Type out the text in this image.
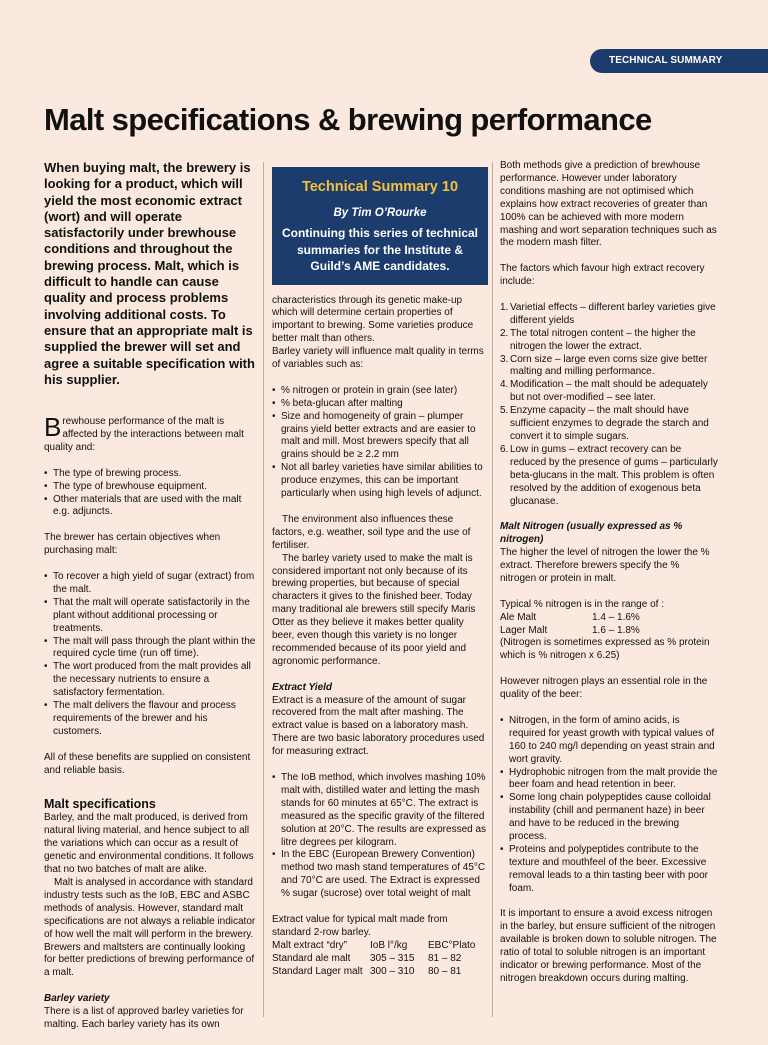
TECHNICAL SUMMARY
Malt specifications & brewing performance

When buying malt, the brewery is looking for a product, which will yield the most economic extract (wort) and will operate satisfactorily under brewhouse conditions and throughout the brewing process. Malt, which is difficult to handle can cause quality and process problems involving additional costs. To ensure that an appropriate malt is supplied the brewer will set and agree a suitable specification with his supplier.

Brewhouse performance of the malt is affected by the interactions between malt quality and:

• The type of brewing process.
• The type of brewhouse equipment.
• Other materials that are used with the malt e.g. adjuncts.

The brewer has certain objectives when purchasing malt:

• To recover a high yield of sugar (extract) from the malt.
• That the malt will operate satisfactorily in the plant without additional processing or treatments.
• The malt will pass through the plant within the required cycle time (run off time).
• The wort produced from the malt provides all the necessary nutrients to ensure a satisfactory fermentation.
• The malt delivers the flavour and process requirements of the brewer and his customers.

All of these benefits are supplied on consistent and reliable basis.

Malt specifications

Barley, and the malt produced, is derived from natural living material, and hence subject to all the variations which can occur as a result of genetic and environmental conditions. It follows that no two batches of malt are alike.

Malt is analysed in accordance with standard industry tests such as the IoB, EBC and ASBC methods of analysis. However, standard malt specifications are not always a reliable indicator of how well the malt will perform in the brewery. Brewers and maltsters are continually looking for better predictions of brewing performance of a malt.

Barley variety

There is a list of approved barley varieties for malting. Each barley variety has its own

Technical Summary 10

By Tim O’Rourke

Continuing this series of technical summaries for the Institute & Guild’s AME candidates.

characteristics through its genetic make-up which will determine certain properties of important to brewing. Some varieties produce better malt than others.

Barley variety will influence malt quality in terms of variables such as:

• % nitrogen or protein in grain (see later)
• % beta-glucan after malting
• Size and homogeneity of grain – plumper grains yield better extracts and are easier to malt and mill. Most brewers specify that all grains should be ≥ 2.2 mm
• Not all barley varieties have similar abilities to produce enzymes, this can be important particularly when using high levels of adjunct.

The environment also influences these factors, e.g. weather, soil type and the use of fertiliser.

The barley variety used to make the malt is considered important not only because of its brewing properties, but because of special characters it gives to the finished beer. Today many traditional ale brewers still specify Maris Otter as they believe it makes better quality beer, even though this variety is no longer recommended because of its poor yield and agronomic performance.

Extract Yield

Extract is a measure of the amount of sugar recovered from the malt after mashing. The extract value is based on a laboratory mash. There are two basic laboratory procedures used for measuring extract.

• The IoB method, which involves mashing 10% malt with, distilled water and letting the mash stands for 60 minutes at 65°C. The extract is measured as the specific gravity of the filtered solution at 20°C. The results are expressed as litre degrees per kilogram.
• In the EBC (European Brewery Convention) method two mash stand temperatures of 45°C and 70°C are used. The Extract is expressed % sugar (sucrose) over total weight of malt

Extract value for typical malt made from standard 2-row barley.

Malt extract “dry”	IoB l°/kg	EBC°Plato
Standard ale malt	305 – 315	81 – 82
Standard Lager malt	300 – 310	80 – 81

Both methods give a prediction of brewhouse performance. However under laboratory conditions mashing are not optimised which explains how extract recoveries of greater than 100% can be achieved with more modern mashing and wort separation techniques such as the modern mash filter.

The factors which favour high extract recovery include:

1. Varietial effects – different barley varieties give different yields
2. The total nitrogen content – the higher the nitrogen the lower the extract.
3. Corn size – large even corns size give better malting and milling performance.
4. Modification – the malt should be adequately but not over-modified – see later.
5. Enzyme capacity – the malt should have sufficient enzymes to degrade the starch and convert it to simple sugars.
6. Low in gums – extract recovery can be reduced by the presence of gums – particularly beta-glucans in the malt. This problem is often resolved by the addition of exogenous beta glucanase.

Malt Nitrogen (usually expressed as % nitrogen)

The higher the level of nitrogen the lower the % extract. Therefore brewers specify the % nitrogen or protein in malt.

Typical % nitrogen is in the range of :

Ale Malt	1.4 – 1.6%
Lager Malt	1.6 – 1.8%

(Nitrogen is sometimes expressed as % protein which is % nitrogen x 6.25)

However nitrogen plays an essential role in the quality of the beer:

• Nitrogen, in the form of amino acids, is required for yeast growth with typical values of 160 to 240 mg/l depending on yeast strain and wort gravity.
• Hydrophobic nitrogen from the malt provide the beer foam and head retention in beer.
• Some long chain polypeptides cause colloidal instability (chill and permanent haze) in beer and have to be reduced in the brewing process.
• Proteins and polypeptides contribute to the texture and mouthfeel of the beer. Excessive removal leads to a thin tasting beer with poor foam.

It is important to ensure a avoid excess nitrogen in the barley, but ensure sufficient of the nitrogen available is broken down to soluble nitrogen. The ratio of total to soluble nitrogen is an important indicator or brewing performance. Most of the nitrogen breakdown occurs during malting.
